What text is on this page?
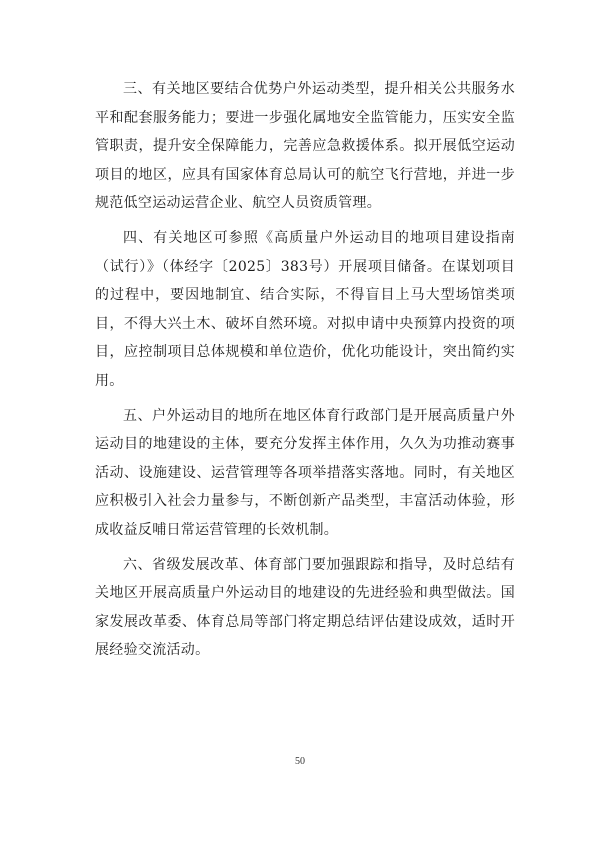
三、有关地区要结合优势户外运动类型，提升相关公共服务水平和配套服务能力；要进一步强化属地安全监管能力，压实安全监管职责，提升安全保障能力，完善应急救援体系。拟开展低空运动项目的地区，应具有国家体育总局认可的航空飞行营地，并进一步规范低空运动运营企业、航空人员资质管理。

四、有关地区可参照《高质量户外运动目的地项目建设指南（试行）》（体经字〔2025〕383号）开展项目储备。在谋划项目的过程中，要因地制宜、结合实际，不得盲目上马大型场馆类项目，不得大兴土木、破坏自然环境。对拟申请中央预算内投资的项目，应控制项目总体规模和单位造价，优化功能设计，突出简约实用。

五、户外运动目的地所在地区体育行政部门是开展高质量户外运动目的地建设的主体，要充分发挥主体作用，久久为功推动赛事活动、设施建设、运营管理等各项举措落实落地。同时，有关地区应积极引入社会力量参与，不断创新产品类型，丰富活动体验，形成收益反哺日常运营管理的长效机制。

六、省级发展改革、体育部门要加强跟踪和指导，及时总结有关地区开展高质量户外运动目的地建设的先进经验和典型做法。国家发展改革委、体育总局等部门将定期总结评估建设成效，适时开展经验交流活动。

50
